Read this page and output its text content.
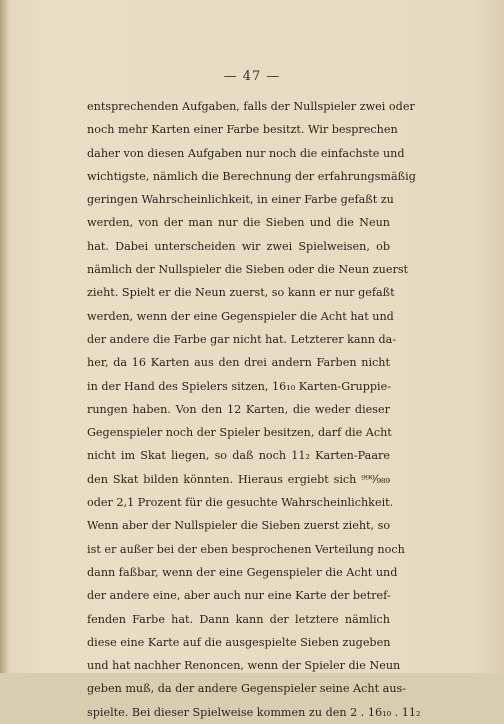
— 47 —
entsprechenden Aufgaben, falls der Nullspieler zwei oder
noch mehr Karten einer Farbe besitzt. Wir besprechen
daher von diesen Aufgaben nur noch die einfachste und
wichtigste, nämlich die Berechnung der erfahrungsmäßig
geringen Wahrscheinlichkeit, in einer Farbe gefaßt zu
werden, von der man nur die Sieben und die Neun
hat. Dabei unterscheiden wir zwei Spielweisen, ob
nämlich der Nullspieler die Sieben oder die Neun zuerst
zieht. Spielt er die Neun zuerst, so kann er nur gefaßt
werden, wenn der eine Gegenspieler die Acht hat und
der andere die Farbe gar nicht hat. Letzterer kann da-
her, da 16 Karten aus den drei andern Farben nicht
in der Hand des Spielers sitzen, 16₁₀ Karten-Gruppie-
rungen haben. Von den 12 Karten, die weder dieser
Gegenspieler noch der Spieler besitzen, darf die Acht
nicht im Skat liegen, so daß noch 11₂ Karten-Paare
den Skat bilden könnten. Hieraus ergiebt sich ⁹⁹⁰⁄₉₈₉
oder 2,1 Prozent für die gesuchte Wahrscheinlichkeit.
Wenn aber der Nullspieler die Sieben zuerst zieht, so
ist er außer bei der eben besprochenen Verteilung noch
dann faßbar, wenn der eine Gegenspieler die Acht und
der andere eine, aber auch nur eine Karte der betref-
fenden Farbe hat. Dann kann der letztere nämlich
diese eine Karte auf die ausgespielte Sieben zugeben
und hat nachher Renoncen, wenn der Spieler die Neun
geben muß, da der andere Gegenspieler seine Acht aus-
spielte. Bei dieser Spielweise kommen zu den 2 . 16₁₀ . 11₂
